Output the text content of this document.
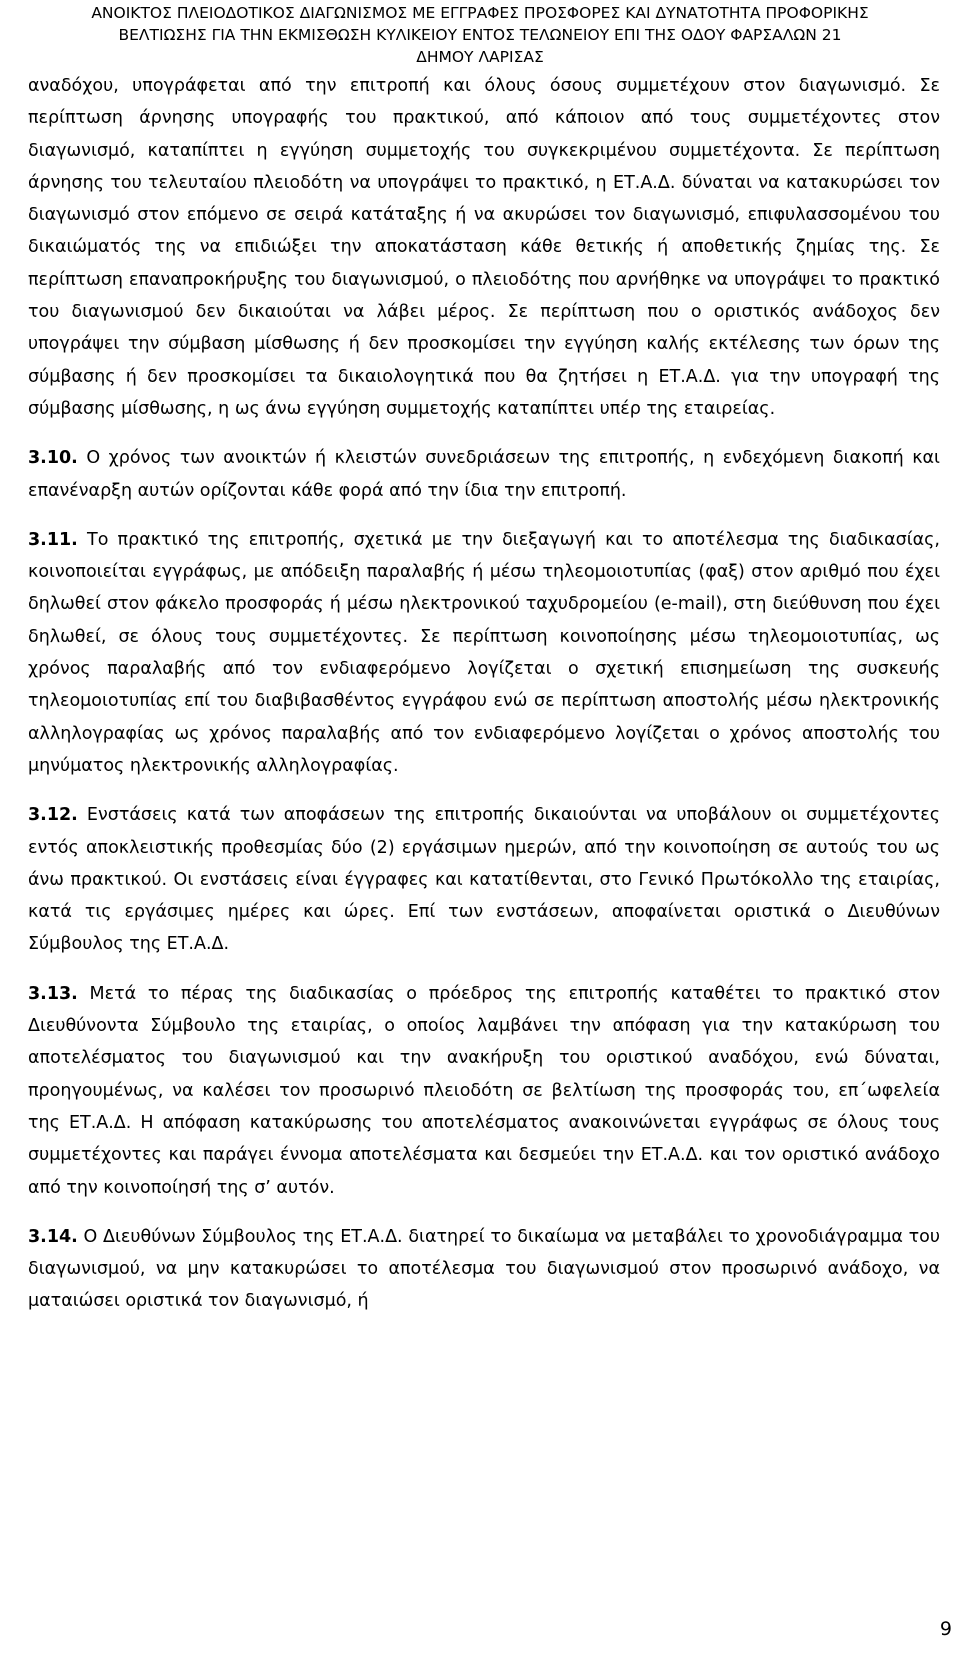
ΑΝΟΙΚΤΟΣ ΠΛΕΙΟΔΟΤΙΚΟΣ ΔΙΑΓΩΝΙΣΜΟΣ ΜΕ ΕΓΓΡΑΦΕΣ ΠΡΟΣΦΟΡΕΣ ΚΑΙ ΔΥΝΑΤΟΤΗΤΑ ΠΡΟΦΟΡΙΚΗΣ
ΒΕΛΤΙΩΣΗΣ ΓΙΑ ΤΗΝ ΕΚΜΙΣΘΩΣΗ ΚΥΛΙΚΕΙΟΥ ΕΝΤΟΣ ΤΕΛΩΝΕΙΟΥ ΕΠΙ ΤΗΣ ΟΔΟΥ ΦΑΡΣΑΛΩΝ 21
ΔΗΜΟΥ ΛΑΡΙΣΑΣ

αναδόχου, υπογράφεται από την επιτροπή και όλους όσους συμμετέχουν στον διαγωνισμό. Σε περίπτωση άρνησης υπογραφής του πρακτικού, από κάποιον από τους συμμετέχοντες στον διαγωνισμό, καταπίπτει η εγγύηση συμμετοχής του συγκεκριμένου συμμετέχοντα. Σε περίπτωση άρνησης του τελευταίου πλειοδότη να υπογράψει το πρακτικό, η ΕΤ.Α.Δ. δύναται να κατακυρώσει τον διαγωνισμό στον επόμενο σε σειρά κατάταξης ή να ακυρώσει τον διαγωνισμό, επιφυλασσομένου του δικαιώματός της να επιδιώξει την αποκατάσταση κάθε θετικής ή αποθετικής ζημίας της. Σε περίπτωση επαναπροκήρυξης του διαγωνισμού, ο πλειοδότης που αρνήθηκε να υπογράψει το πρακτικό του διαγωνισμού δεν δικαιούται να λάβει μέρος. Σε περίπτωση που ο οριστικός ανάδοχος δεν υπογράψει την σύμβαση μίσθωσης ή δεν προσκομίσει την εγγύηση καλής εκτέλεσης των όρων της σύμβασης ή δεν προσκομίσει τα δικαιολογητικά που θα ζητήσει η ΕΤ.Α.Δ. για την υπογραφή της σύμβασης μίσθωσης, η ως άνω εγγύηση συμμετοχής καταπίπτει υπέρ της εταιρείας.

3.10. Ο χρόνος των ανοικτών ή κλειστών συνεδριάσεων της επιτροπής, η ενδεχόμενη διακοπή και επανέναρξη αυτών ορίζονται κάθε φορά από την ίδια την επιτροπή.

3.11. Το πρακτικό της επιτροπής, σχετικά με την διεξαγωγή και το αποτέλεσμα της διαδικασίας, κοινοποιείται εγγράφως, με απόδειξη παραλαβής ή μέσω τηλεομοιοτυπίας (φαξ) στον αριθμό που έχει δηλωθεί στον φάκελο προσφοράς ή μέσω ηλεκτρονικού ταχυδρομείου (e-mail), στη διεύθυνση που έχει δηλωθεί, σε όλους τους συμμετέχοντες. Σε περίπτωση κοινοποίησης μέσω τηλεομοιοτυπίας, ως χρόνος παραλαβής από τον ενδιαφερόμενο λογίζεται ο σχετική επισημείωση της συσκευής τηλεομοιοτυπίας επί του διαβιβασθέντος εγγράφου ενώ σε περίπτωση αποστολής μέσω ηλεκτρονικής αλληλογραφίας ως χρόνος παραλαβής από τον ενδιαφερόμενο λογίζεται ο χρόνος αποστολής του μηνύματος ηλεκτρονικής αλληλογραφίας.

3.12. Ενστάσεις κατά των αποφάσεων της επιτροπής δικαιούνται να υποβάλουν οι συμμετέχοντες εντός αποκλειστικής προθεσμίας δύο (2) εργάσιμων ημερών, από την κοινοποίηση σε αυτούς του ως άνω πρακτικού. Οι ενστάσεις είναι έγγραφες και κατατίθενται, στο Γενικό Πρωτόκολλο της εταιρίας, κατά τις εργάσιμες ημέρες και ώρες. Επί των ενστάσεων, αποφαίνεται οριστικά ο Διευθύνων Σύμβουλος της ΕΤ.Α.Δ.

3.13. Μετά το πέρας της διαδικασίας ο πρόεδρος της επιτροπής καταθέτει το πρακτικό στον Διευθύνοντα Σύμβουλο της εταιρίας, ο οποίος λαμβάνει την απόφαση για την κατακύρωση του αποτελέσματος του διαγωνισμού και την ανακήρυξη του οριστικού αναδόχου, ενώ δύναται, προηγουμένως, να καλέσει τον προσωρινό πλειοδότη σε βελτίωση της προσφοράς του, επ΄ωφελεία της ΕΤ.Α.Δ. Η απόφαση κατακύρωσης του αποτελέσματος ανακοινώνεται εγγράφως σε όλους τους συμμετέχοντες και παράγει έννομα αποτελέσματα και δεσμεύει την ΕΤ.Α.Δ. και τον οριστικό ανάδοχο από την κοινοποίησή της σ’ αυτόν.

3.14. Ο Διευθύνων Σύμβουλος της ΕΤ.Α.Δ. διατηρεί το δικαίωμα να μεταβάλει το χρονοδιάγραμμα του διαγωνισμού, να μην κατακυρώσει το αποτέλεσμα του διαγωνισμού στον προσωρινό ανάδοχο, να ματαιώσει οριστικά τον διαγωνισμό, ή

9
